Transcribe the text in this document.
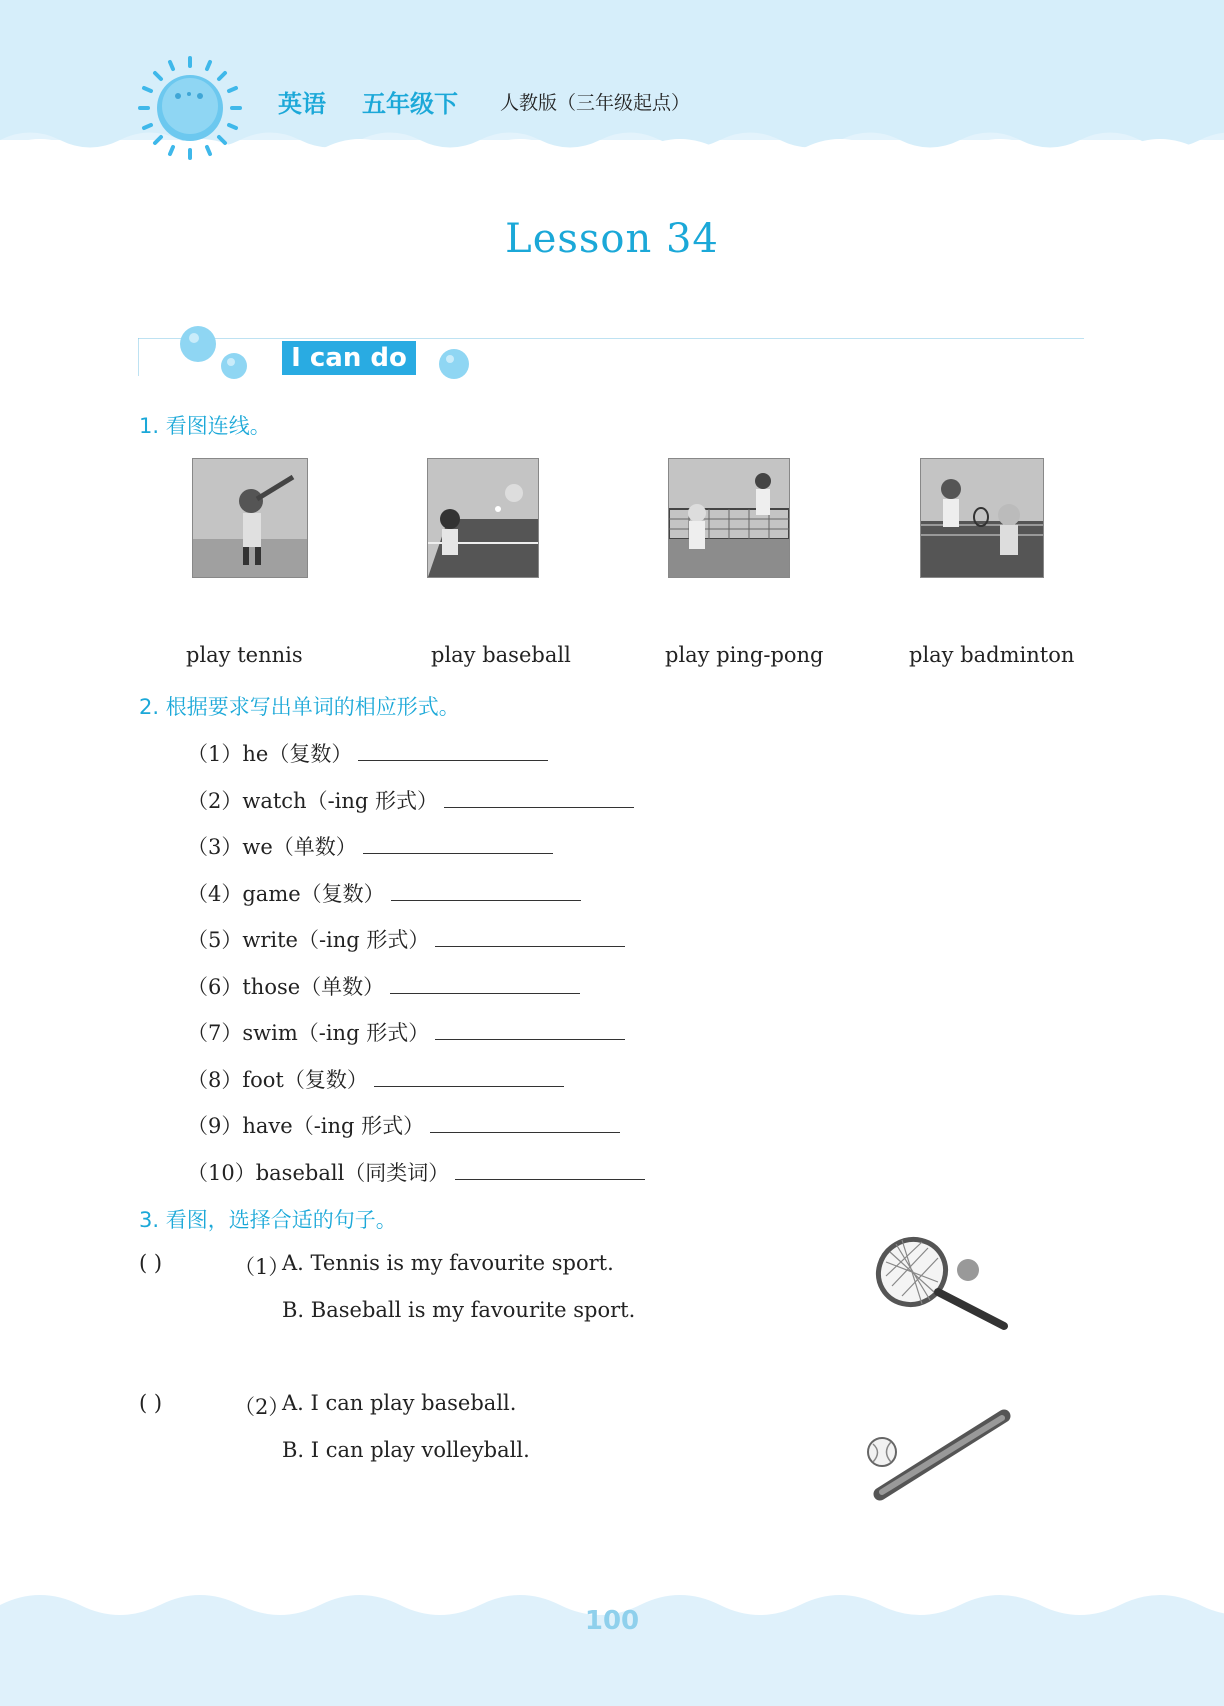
英语 五年级下 人教版（三年级起点）
Lesson 34
I can do
1. 看图连线。
play tennis	play baseball	play ping-pong	play badminton
2. 根据要求写出单词的相应形式。
（1）he（复数）
（2）watch（-ing 形式）
（3）we（单数）
（4）game（复数）
（5）write（-ing 形式）
（6）those（单数）
（7）swim（-ing 形式）
（8）foot（复数）
（9）have（-ing 形式）
（10）baseball（同类词）
3. 看图，选择合适的句子。
( )	（1）
A. Tennis is my favourite sport.
B. Baseball is my favourite sport.
( )	（2）
A. I can play baseball.
B. I can play volleyball.
100
